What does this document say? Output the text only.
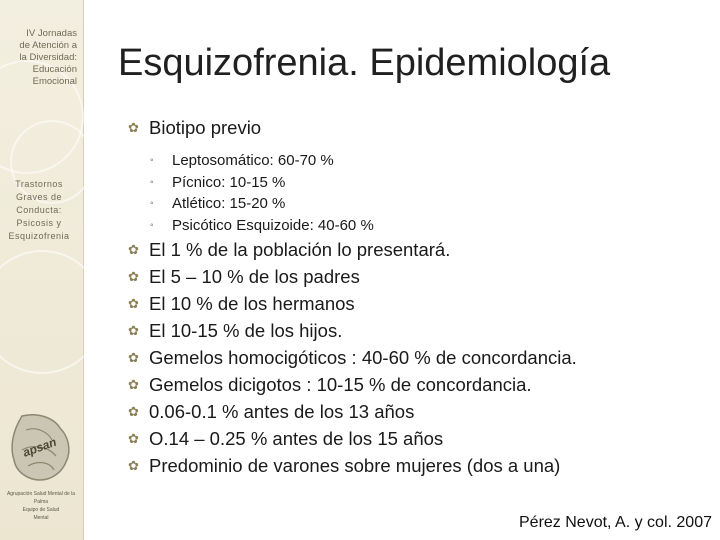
IV Jornadas
de Atención a
la Diversidad:
Educación
Emocional
Trastornos
Graves de
Conducta:
Psicosis y
Esquizofrenia
apsan
Agrupación Salud Mental de la Palma
Equipo de Salud
Mental
Esquizofrenia. Epidemiología
✿ Biotipo previo
◦ Leptosomático: 60-70 %
◦ Pícnico: 10-15 %
◦ Atlético: 15-20 %
◦ Psicótico Esquizoide: 40-60 %
✿ El 1 % de la población lo presentará.
✿ El 5 – 10 % de los padres
✿ El 10 % de los hermanos
✿ El 10-15 % de los hijos.
✿ Gemelos homocigóticos : 40-60 % de concordancia.
✿ Gemelos dicigotos : 10-15 % de concordancia.
✿ 0.06-0.1 % antes de los 13 años
✿ O.14 – 0.25 % antes de los 15 años
✿ Predominio de varones sobre mujeres (dos a una)
Pérez Nevot, A. y col. 2007
